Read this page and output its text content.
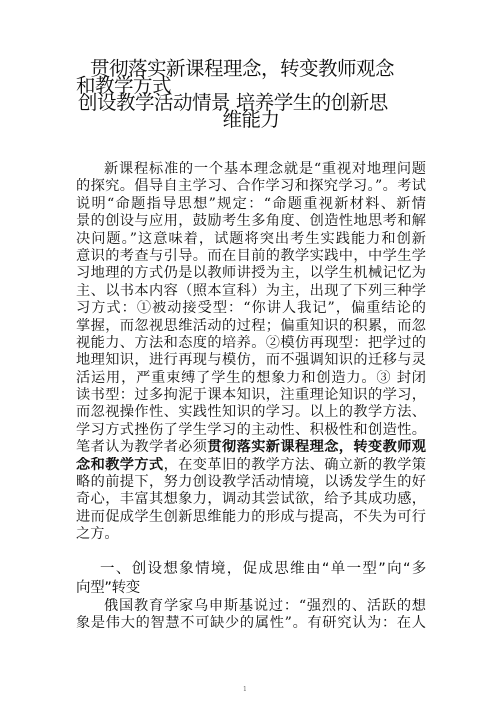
贯彻落实新课程理念，转变教师观念
和教学方式
创设教学活动情景 培养学生的创新思
维能力
新课程标准的一个基本理念就是“重视对地理问题
的探究。倡导自主学习、合作学习和探究学习。”。考试
说明“命题指导思想”规定：“命题重视新材料、新情
景的创设与应用，鼓励考生多角度、创造性地思考和解
决问题。”这意味着，试题将突出考生实践能力和创新
意识的考查与引导。而在目前的教学实践中，中学生学
习地理的方式仍是以教师讲授为主，以学生机械记忆为
主、以书本内容（照本宣科）为主，出现了下列三种学
习方式：①被动接受型：“你讲人我记”，偏重结论的
掌握，而忽视思维活动的过程；偏重知识的积累，而忽
视能力、方法和态度的培养。②模仿再现型：把学过的
地理知识，进行再现与模仿，而不强调知识的迁移与灵
活运用，严重束缚了学生的想象力和创造力。③ 封闭
读书型：过多拘泥于课本知识，注重理论知识的学习，
而忽视操作性、实践性知识的学习。以上的教学方法、
学习方式挫伤了学生学习的主动性、积极性和创造性。
笔者认为教学者必须贯彻落实新课程理念，转变教师观
念和教学方式，在变革旧的教学方法、确立新的教学策
略的前提下，努力创设教学活动情境，以诱发学生的好
奇心，丰富其想象力，调动其尝试欲，给予其成功感，
进而促成学生创新思维能力的形成与提高，不失为可行
之方。
一、创设想象情境，促成思维由“单一型”向“多
向型”转变
俄国教育学家乌申斯基说过：“强烈的、活跃的想
象是伟大的智慧不可缺少的属性”。有研究认为：在人
1
